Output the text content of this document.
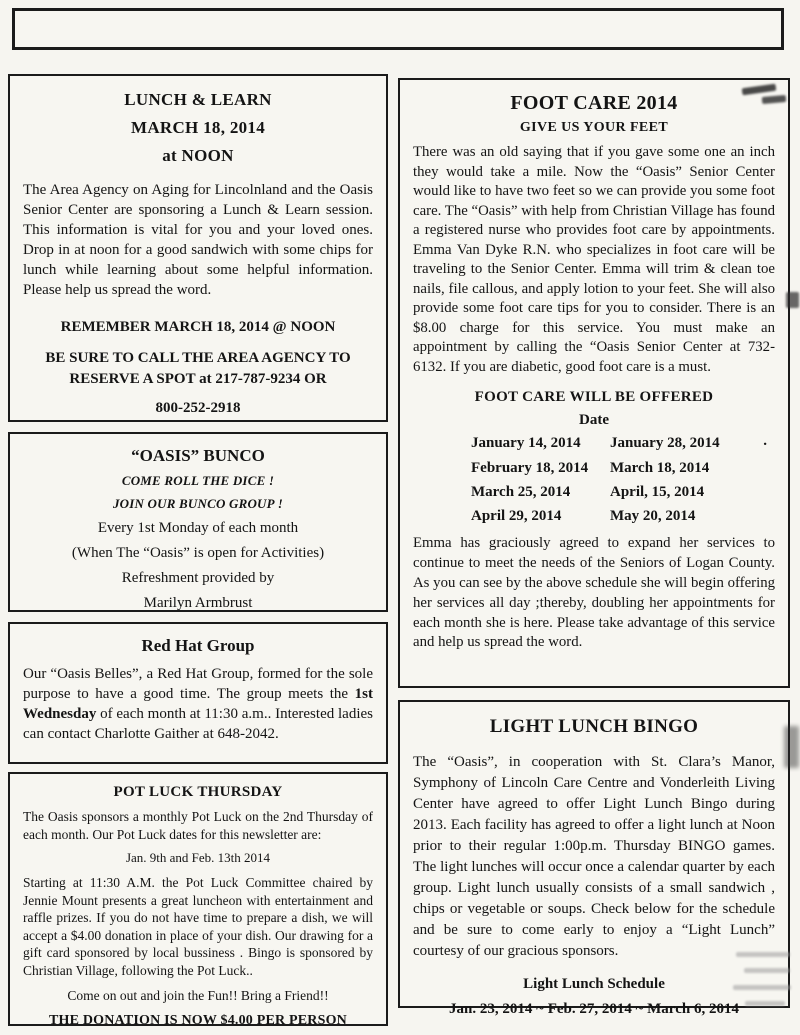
LUNCH & LEARN
MARCH 18, 2014
at NOON

The Area Agency on Aging for Lincolnland and the Oasis Senior Center are sponsoring a Lunch & Learn session. This information is vital for you and your loved ones. Drop in at noon for a good sandwich with some chips for lunch while learning about some helpful information. Please help us spread the word.

REMEMBER MARCH 18, 2014 @ NOON
BE SURE TO CALL THE AREA AGENCY TO RESERVE A SPOT at 217-787-9234 OR
800-252-2918
“OASIS” BUNCO
COME ROLL THE DICE !
JOIN OUR BUNCO GROUP !
Every 1st Monday of each month
(When The “Oasis” is open for Activities)
Refreshment provided by
Marilyn Armbrust
Red Hat Group

Our “Oasis Belles”, a Red Hat Group, formed for the sole purpose to have a good time. The group meets the 1st Wednesday of each month at 11:30 a.m.. Interested ladies can contact Charlotte Gaither at 648-2042.

POT LUCK THURSDAY

The Oasis sponsors a monthly Pot Luck on the 2nd Thursday of each month. Our Pot Luck dates for this newsletter are:

Jan. 9th and Feb. 13th 2014

Starting at 11:30 A.M. the Pot Luck Committee chaired by Jennie Mount presents a great luncheon with entertainment and raffle prizes. If you do not have time to prepare a dish, we will accept a $4.00 donation in place of your dish. Our drawing for a gift card sponsored by local bussiness . Bingo is sponsored by Christian Village, following the Pot Luck..

Come on out and join the Fun!! Bring a Friend!!
THE DONATION IS NOW $4.00 PER PERSON
FOOT CARE 2014
GIVE US YOUR FEET

There was an old saying that if you gave some one an inch they would take a mile. Now the “Oasis” Senior Center would like to have two feet so we can provide you some foot care. The “Oasis” with help from Christian Village has found a registered nurse who provides foot care by appointments. Emma Van Dyke R.N. who specializes in foot care will be traveling to the Senior Center. Emma will trim & clean toe nails, file callous, and apply lotion to your feet. She will also provide some foot care tips for you to consider. There is an $8.00 charge for this service. You must make an appointment by calling the “Oasis Senior Center at 732-6132. If you are diabetic, good foot care is a must.

FOOT CARE WILL BE OFFERED
Date
January 14, 2014	January 28, 2014
February 18, 2014	March 18, 2014
March 25, 2014	April, 15, 2014
April 29, 2014	May 20, 2014
.

Emma has graciously agreed to expand her services to continue to meet the needs of the Seniors of Logan County. As you can see by the above schedule she will begin offering her services all day ;thereby, doubling her appointments for each month she is here. Please take advantage of this service and help us spread the word.

LIGHT LUNCH BINGO

The “Oasis”, in cooperation with St. Clara’s Manor, Symphony of Lincoln Care Centre and Vonderleith Living Center have agreed to offer Light Lunch Bingo during 2013. Each facility has agreed to offer a light lunch at Noon prior to their regular 1:00p.m. Thursday BINGO games. The light lunches will occur once a calendar quarter by each group. Light lunch usually consists of a small sandwich , chips or vegetable or soups. Check below for the schedule and be sure to come early to enjoy a “Light Lunch” courtesy of our gracious sponsors.

Light Lunch Schedule
Jan. 23, 2014 ~ Feb. 27, 2014 ~ March 6, 2014
